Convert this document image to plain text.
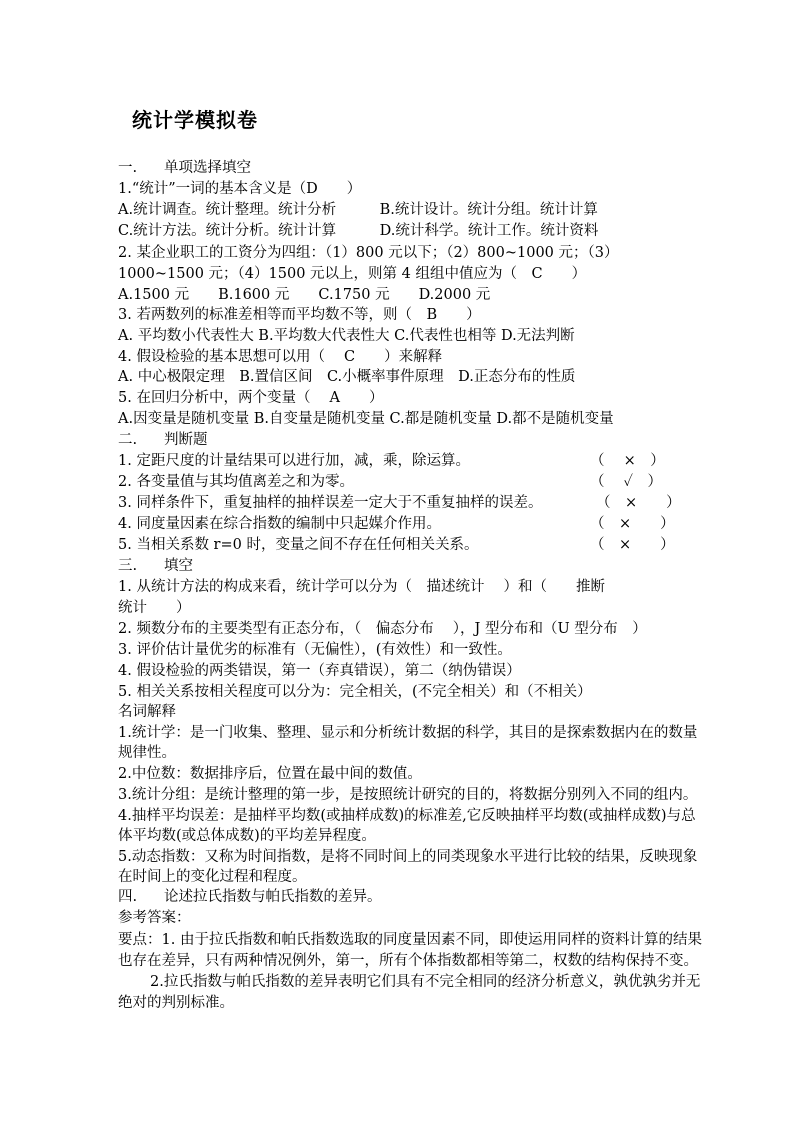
统计学模拟卷
一. 单项选择填空
1.“统计”一词的基本含义是（D　　）
A.统计调查。统计整理。统计分析　　　B.统计设计。统计分组。统计计算
C.统计方法。统计分析。统计计算　　　D.统计科学。统计工作。统计资料
2. 某企业职工的工资分为四组：（1）800 元以下；（2）800~1000 元；（3）
1000~1500 元；（4）1500 元以上，则第 4 组组中值应为（　C　　）
A.1500 元　　B.1600 元　　C.1750 元　　D.2000 元
3. 若两数列的标准差相等而平均数不等，则（　B　　）
A. 平均数小代表性大 B.平均数大代表性大 C.代表性也相等 D.无法判断
4. 假设检验的基本思想可以用（　 C　　）来解释
A. 中心极限定理　B.置信区间　C.小概率事件原理　D.正态分布的性质
5. 在回归分析中，两个变量（　 A　　）
A.因变量是随机变量 B.自变量是随机变量 C.都是随机变量 D.都不是随机变量
二. 判断题
1. 定距尺度的计量结果可以进行加，减，乘，除运算。	（　 ×　）
2. 各变量值与其均值离差之和为零。	（　 ✓　）
3. 同样条件下，重复抽样的抽样误差一定大于不重复抽样的误差。	（　×　　）
4. 同度量因素在综合指数的编制中只起媒介作用。	（　×　　）
5. 当相关系数 r=0 时，变量之间不存在任何相关关系。	（　×　　）
三. 填空
1. 从统计方法的构成来看，统计学可以分为（　描述统计　 ）和（　　推断
统计　　）
2. 频数分布的主要类型有正态分布，（　偏态分布　 ），J 型分布和（U 型分布　）
3. 评价估计量优劣的标准有（无偏性），(有效性）和一致性。
4. 假设检验的两类错误，第一（弃真错误），第二（纳伪错误）
5. 相关关系按相关程度可以分为：完全相关，(不完全相关）和（不相关）
名词解释
1.统计学：是一门收集、整理、显示和分析统计数据的科学，其目的是探索数据内在的数量
规律性。
2.中位数：数据排序后，位置在最中间的数值。
3.统计分组：是统计整理的第一步，是按照统计研究的目的，将数据分别列入不同的组内。
4.抽样平均误差：是抽样平均数(或抽样成数)的标准差,它反映抽样平均数(或抽样成数)与总
体平均数(或总体成数)的平均差异程度。
5.动态指数：又称为时间指数，是将不同时间上的同类现象水平进行比较的结果，反映现象
在时间上的变化过程和程度。
四. 论述拉氏指数与帕氏指数的差异。
参考答案：
要点：1. 由于拉氏指数和帕氏指数选取的同度量因素不同，即使运用同样的资料计算的结果
也存在差异，只有两种情况例外，第一，所有个体指数都相等第二，权数的结构保持不变。
2.拉氏指数与帕氏指数的差异表明它们具有不完全相同的经济分析意义，孰优孰劣并无
绝对的判别标准。
